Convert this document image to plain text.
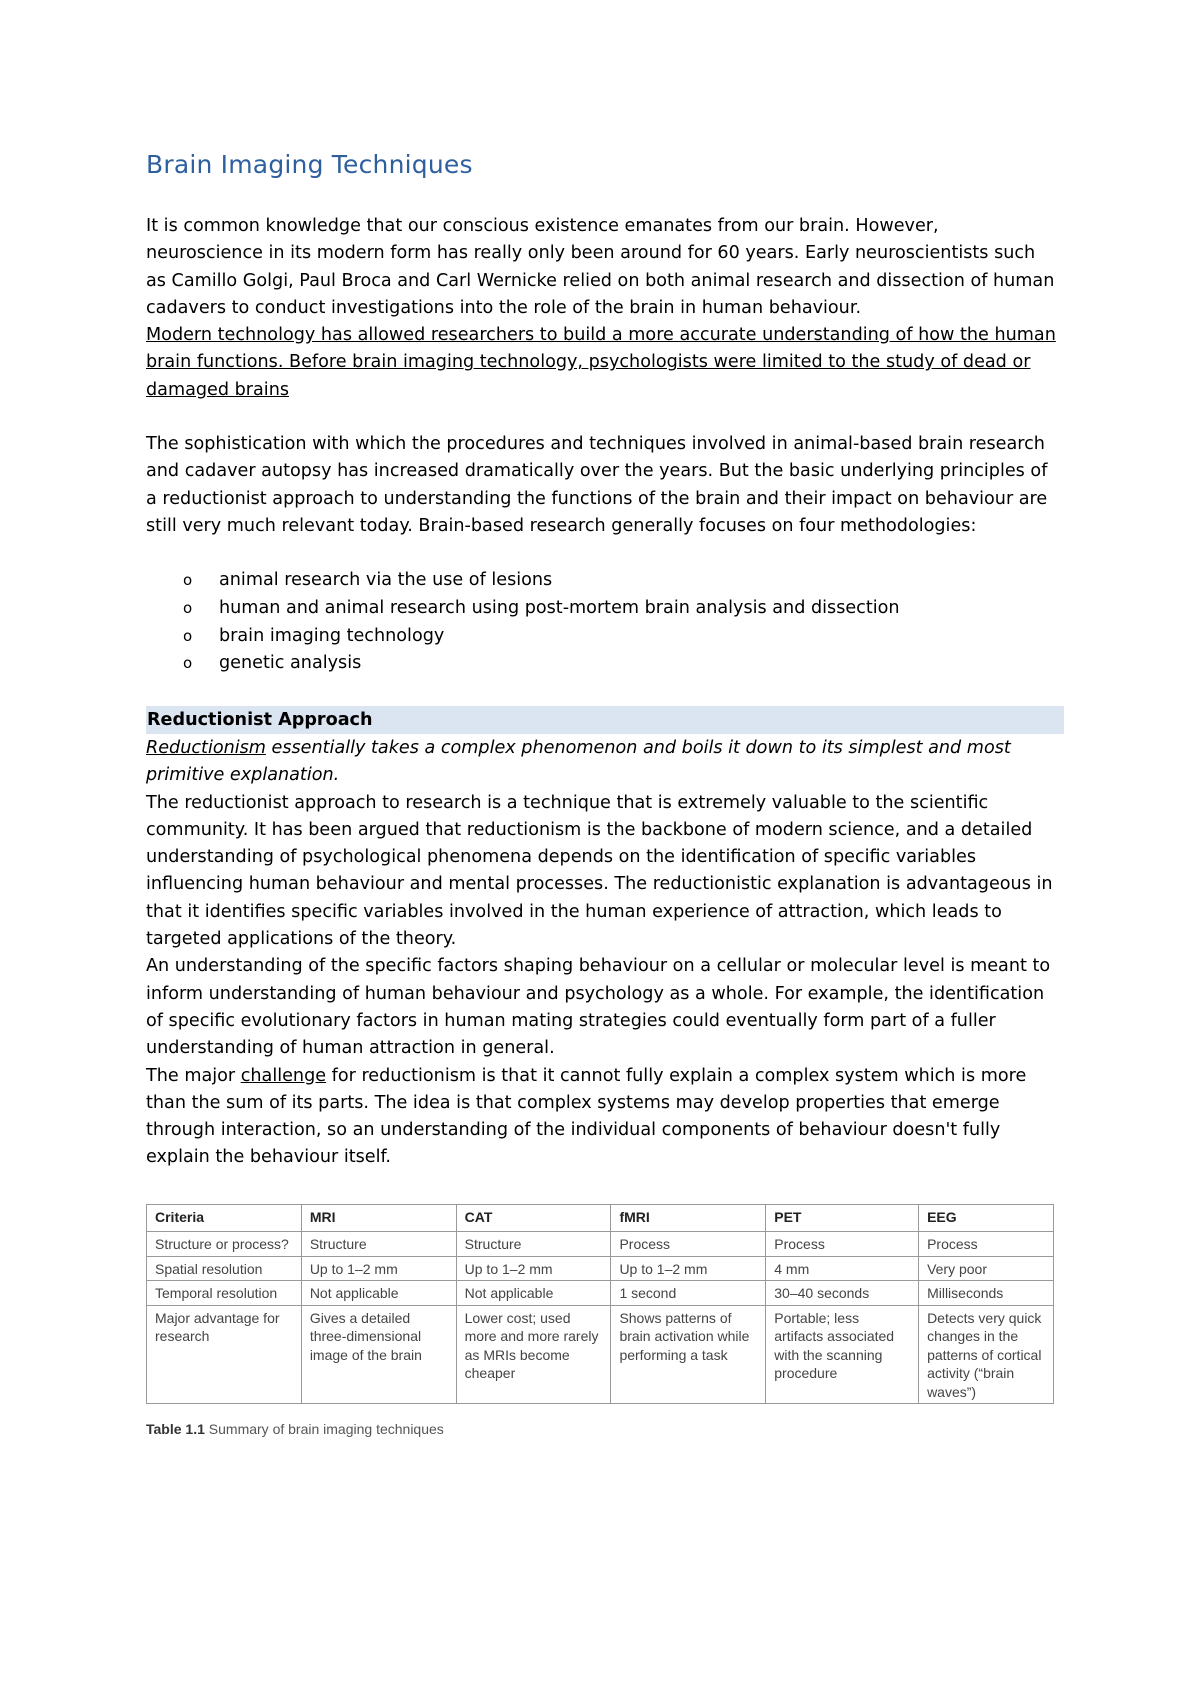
Brain Imaging Techniques

It is common knowledge that our conscious existence emanates from our brain. However, neuroscience in its modern form has really only been around for 60 years. Early neuroscientists such as Camillo Golgi, Paul Broca and Carl Wernicke relied on both animal research and dissection of human cadavers to conduct investigations into the role of the brain in human behaviour.
Modern technology has allowed researchers to build a more accurate understanding of how the human brain functions. Before brain imaging technology, psychologists were limited to the study of dead or damaged brains

The sophistication with which the procedures and techniques involved in animal-based brain research and cadaver autopsy has increased dramatically over the years. But the basic underlying principles of a reductionist approach to understanding the functions of the brain and their impact on behaviour are still very much relevant today. Brain-based research generally focuses on four methodologies:

o animal research via the use of lesions
o human and animal research using post-mortem brain analysis and dissection
o brain imaging technology
o genetic analysis
Reductionist Approach
Reductionism essentially takes a complex phenomenon and boils it down to its simplest and most primitive explanation.
The reductionist approach to research is a technique that is extremely valuable to the scientific community. It has been argued that reductionism is the backbone of modern science, and a detailed understanding of psychological phenomena depends on the identification of specific variables influencing human behaviour and mental processes. The reductionistic explanation is advantageous in that it identifies specific variables involved in the human experience of attraction, which leads to targeted applications of the theory.
An understanding of the specific factors shaping behaviour on a cellular or molecular level is meant to inform understanding of human behaviour and psychology as a whole. For example, the identification of specific evolutionary factors in human mating strategies could eventually form part of a fuller understanding of human attraction in general.
The major challenge for reductionism is that it cannot fully explain a complex system which is more than the sum of its parts. The idea is that complex systems may develop properties that emerge through interaction, so an understanding of the individual components of behaviour doesn't fully explain the behaviour itself.
Criteria	MRI	CAT	fMRI	PET	EEG
Structure or process?	Structure	Structure	Process	Process	Process
Spatial resolution	Up to 1–2 mm	Up to 1–2 mm	Up to 1–2 mm	4 mm	Very poor
Temporal resolution	Not applicable	Not applicable	1 second	30–40 seconds	Milliseconds
Major advantage for research	Gives a detailed three-dimensional image of the brain	Lower cost; used more and more rarely as MRIs become cheaper	Shows patterns of brain activation while performing a task	Portable; less artifacts associated with the scanning procedure	Detects very quick changes in the patterns of cortical activity (“brain waves”)
Table 1.1 Summary of brain imaging techniques
